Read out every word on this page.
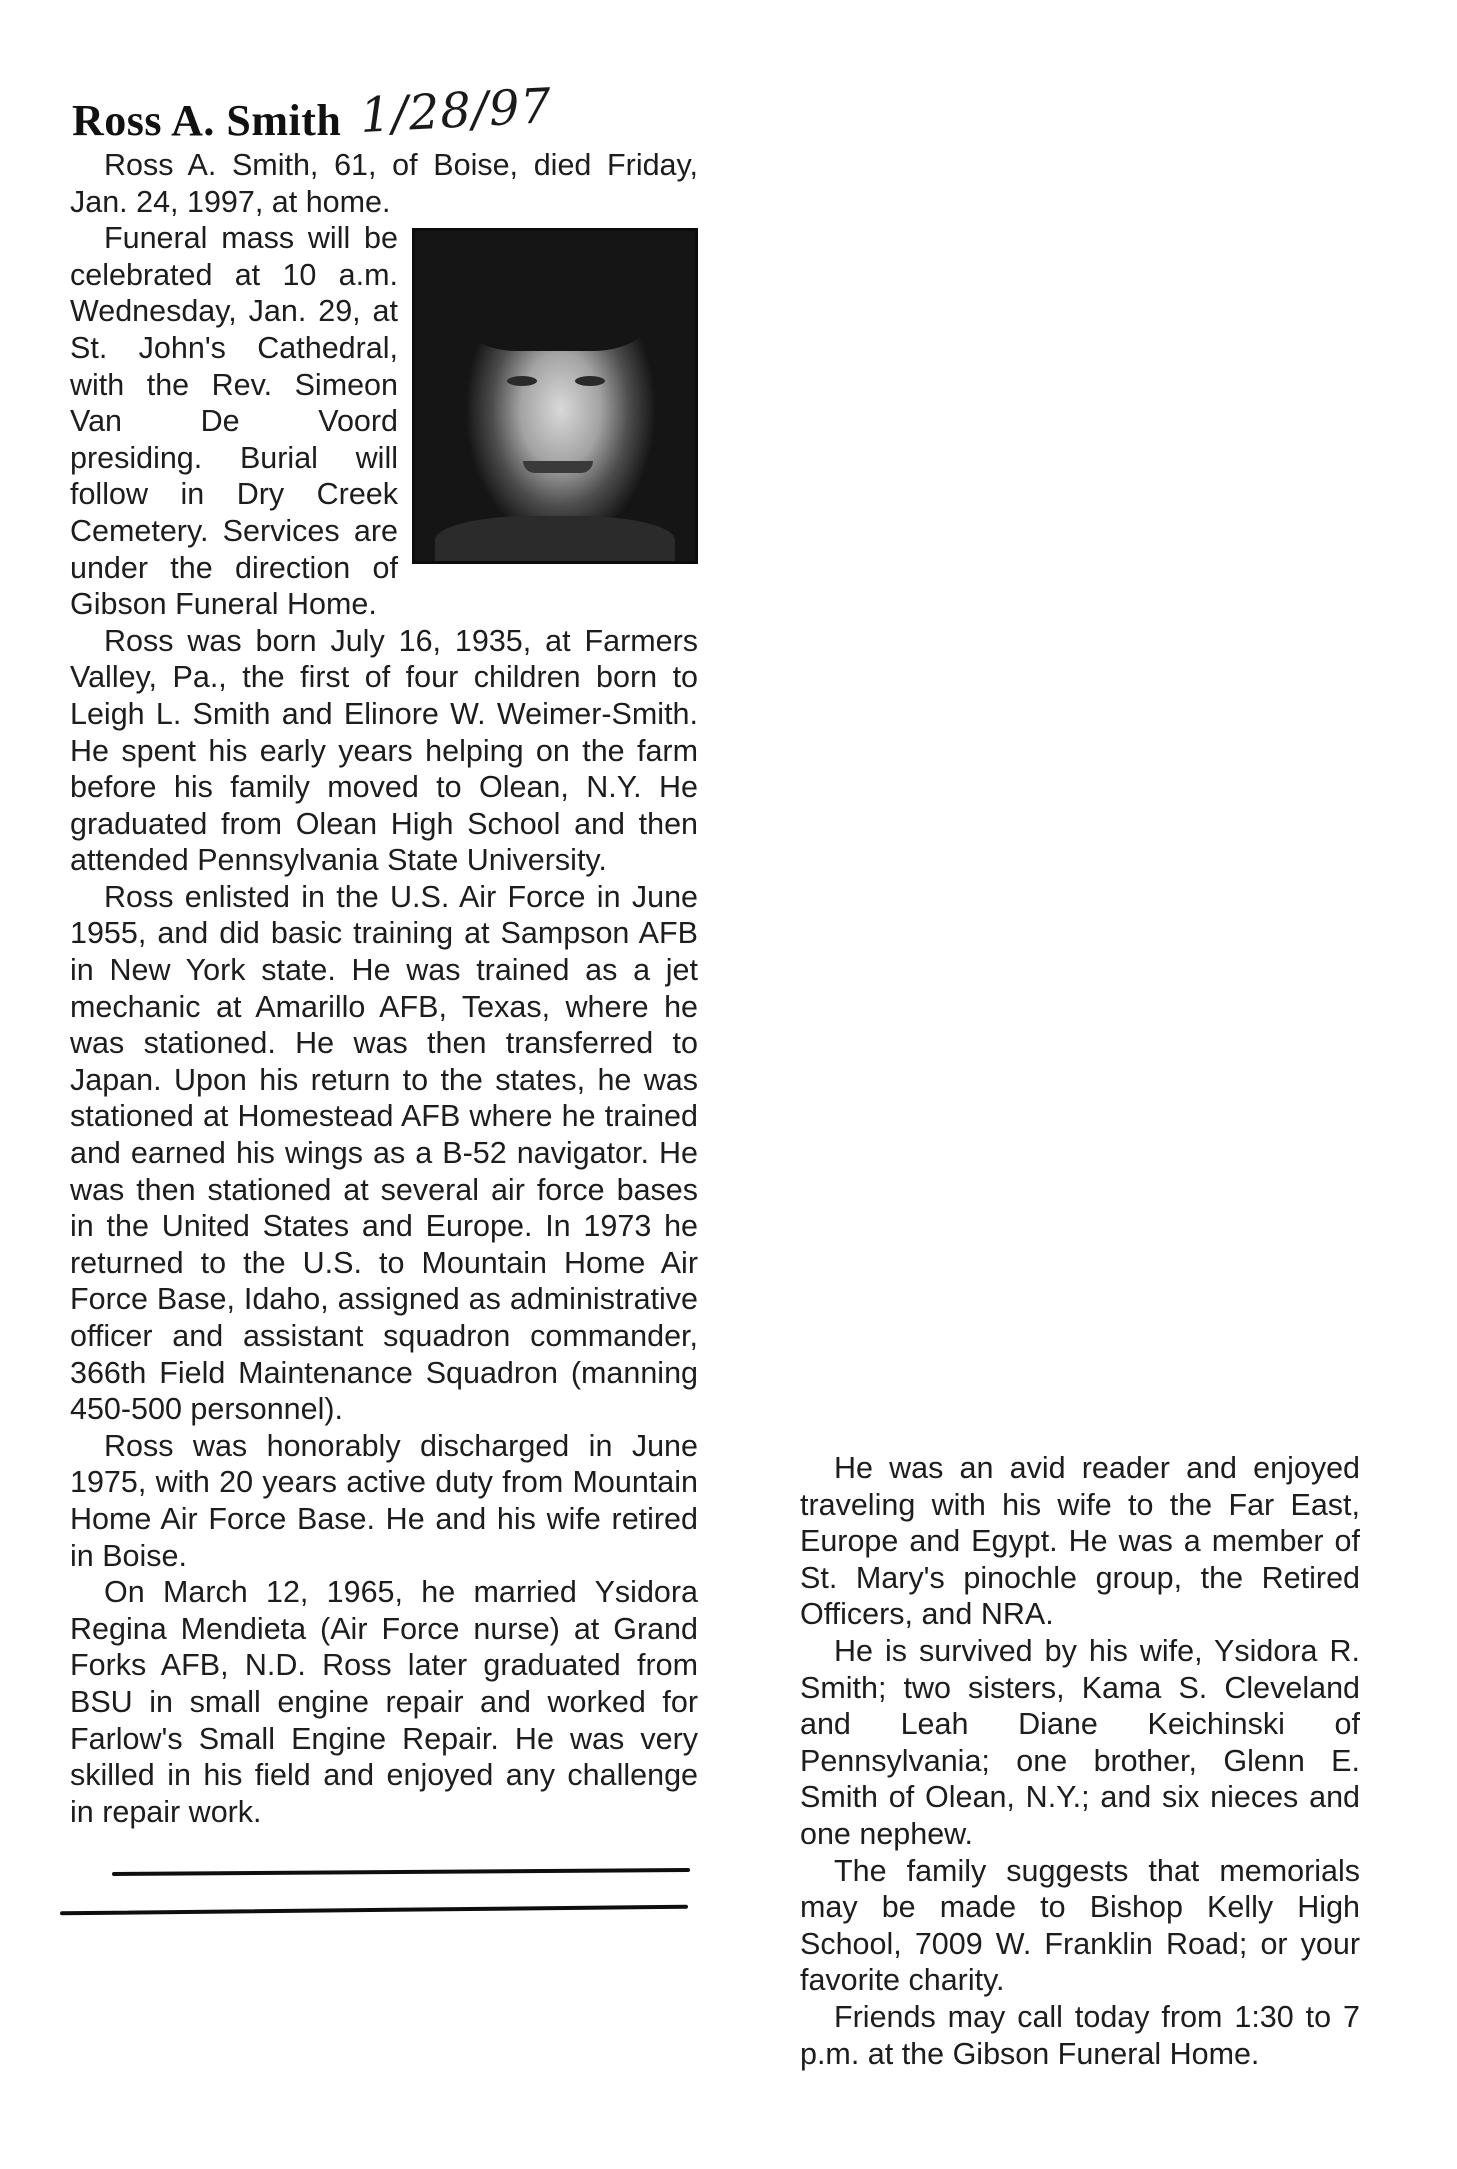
Ross A. Smith 1/28/97

Ross A. Smith, 61, of Boise, died Friday, Jan. 24, 1997, at home.

Funeral mass will be celebrated at 10 a.m. Wednesday, Jan. 29, at St. John's Cathedral, with the Rev. Simeon Van De Voord presiding. Burial will follow in Dry Creek Cemetery. Services are under the direction of Gibson Funeral Home.

Ross was born July 16, 1935, at Farmers Valley, Pa., the first of four children born to Leigh L. Smith and Elinore W. Weimer-Smith. He spent his early years helping on the farm before his family moved to Olean, N.Y. He graduated from Olean High School and then attended Pennsylvania State University.

Ross enlisted in the U.S. Air Force in June 1955, and did basic training at Sampson AFB in New York state. He was trained as a jet mechanic at Amarillo AFB, Texas, where he was stationed. He was then transferred to Japan. Upon his return to the states, he was stationed at Homestead AFB where he trained and earned his wings as a B-52 navigator. He was then stationed at several air force bases in the United States and Europe. In 1973 he returned to the U.S. to Mountain Home Air Force Base, Idaho, assigned as administrative officer and assistant squadron commander, 366th Field Maintenance Squadron (manning 450-500 personnel).

Ross was honorably discharged in June 1975, with 20 years active duty from Mountain Home Air Force Base. He and his wife retired in Boise.

On March 12, 1965, he married Ysidora Regina Mendieta (Air Force nurse) at Grand Forks AFB, N.D. Ross later graduated from BSU in small engine repair and worked for Farlow's Small Engine Repair. He was very skilled in his field and enjoyed any challenge in repair work.

He was an avid reader and enjoyed traveling with his wife to the Far East, Europe and Egypt. He was a member of St. Mary's pinochle group, the Retired Officers, and NRA.

He is survived by his wife, Ysidora R. Smith; two sisters, Kama S. Cleveland and Leah Diane Keichinski of Pennsylvania; one brother, Glenn E. Smith of Olean, N.Y.; and six nieces and one nephew.

The family suggests that memorials may be made to Bishop Kelly High School, 7009 W. Franklin Road; or your favorite charity.

Friends may call today from 1:30 to 7 p.m. at the Gibson Funeral Home.
